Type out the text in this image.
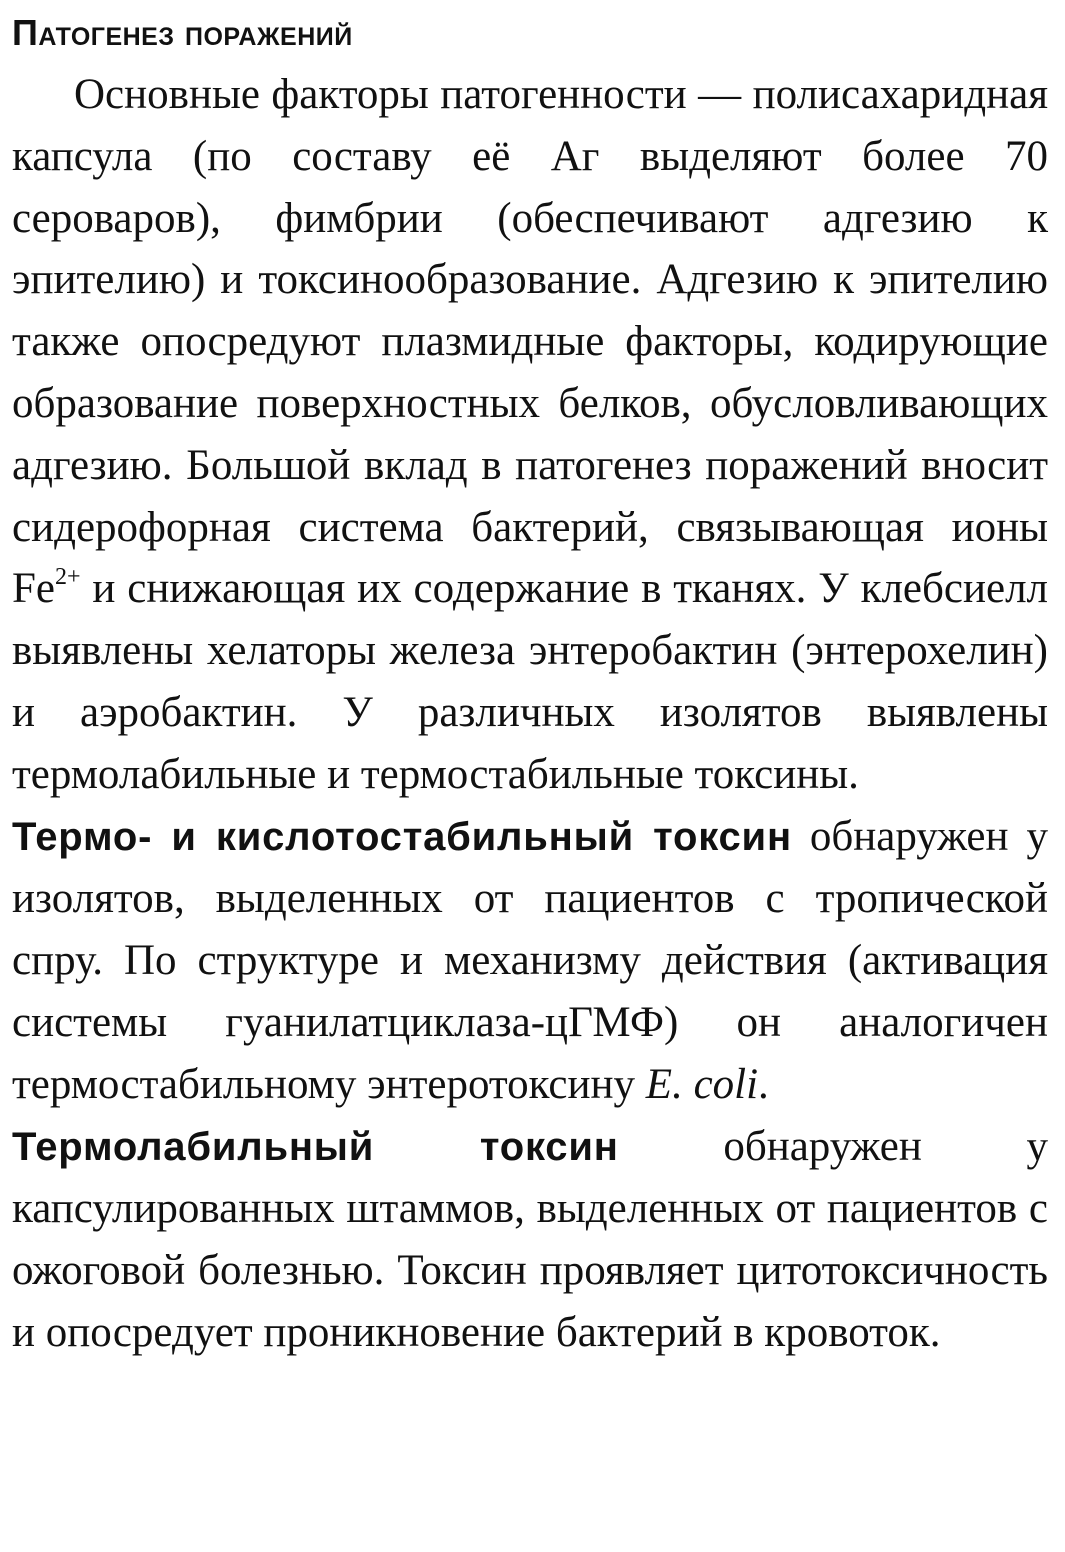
Патогенез поражений

Основные факторы патогенности — полисахаридная капсула (по составу её Аг выделяют более 70 сероваров), фимбрии (обеспечивают адгезию к эпителию) и токсинообразование. Адгезию к эпителию также опосредуют плазмидные факторы, кодирующие образование поверхностных белков, обусловливающих адгезию. Большой вклад в патогенез поражений вносит сидерофорная система бактерий, связывающая ионы $Fe^{2+}$ и снижающая их содержание в тканях. У клебсиелл выявлены хелаторы железа энтеробактин (энтерохелин) и аэробактин. У различных изолятов выявлены термолабильные и термостабильные токсины.

Термо- и кислотостабильный токсин обнаружен у изолятов, выделенных от пациентов с тропической спру. По структуре и механизму действия (активация системы гуанилатциклаза-цГМФ) он аналогичен термостабильному энтеротоксину E. coli.

Термолабильный токсин обнаружен у капсулированных штаммов, выделенных от пациентов с ожоговой болезнью. Токсин проявляет цитотоксичность и опосредует проникновение бактерий в кровоток.
